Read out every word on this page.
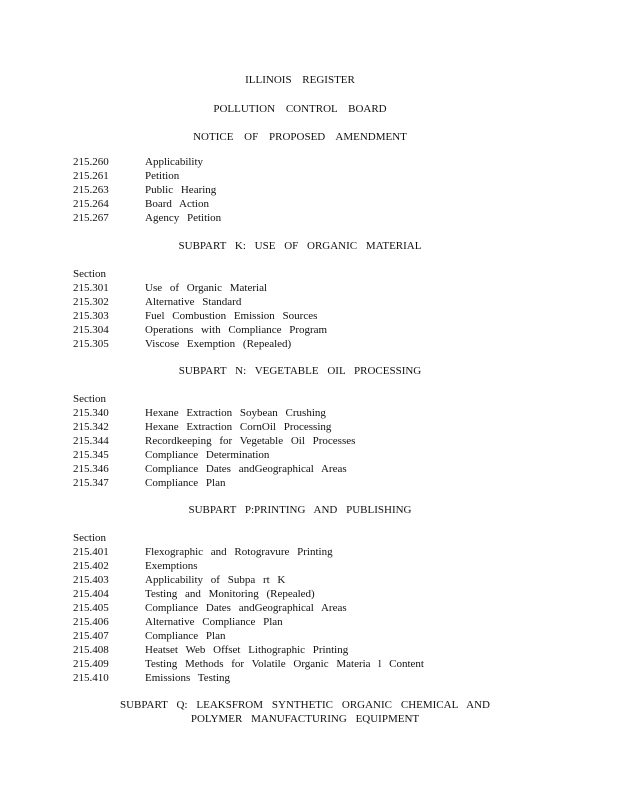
ILLINOIS REGISTER
POLLUTION CONTROL BOARD
NOTICE OF PROPOSED AMENDMENT
215.260	Applicability
215.261	Petition
215.263	Public Hearing
215.264	Board Action
215.267	Agency Petition
SUBPART K: USE OF ORGANIC MATERIAL
Section
215.301	Use of Organic Material
215.302	Alternative Standard
215.303	Fuel Combustion Emission Sources
215.304	Operations with Compliance Program
215.305	Viscose Exemption (Repealed)
SUBPART N: VEGETABLE OIL PROCESSING
Section
215.340	Hexane Extraction Soybean Crushing
215.342	Hexane Extraction CornOil Processing
215.344	Recordkeeping for Vegetable Oil Processes
215.345	Compliance Determination
215.346	Compliance Dates andGeographical Areas
215.347	Compliance Plan
SUBPART P:PRINTING AND PUBLISHING
Section
215.401	Flexographic and Rotogravure Printing
215.402	Exemptions
215.403	Applicability of Subpa rt K
215.404	Testing and Monitoring (Repealed)
215.405	Compliance Dates andGeographical Areas
215.406	Alternative Compliance Plan
215.407	Compliance Plan
215.408	Heatset Web Offset Lithographic Printing
215.409	Testing Methods for Volatile Organic Materia l Content
215.410	Emissions Testing
SUBPART Q: LEAKSFROM SYNTHETIC ORGANIC CHEMICAL AND
POLYMER MANUFACTURING EQUIPMENT
